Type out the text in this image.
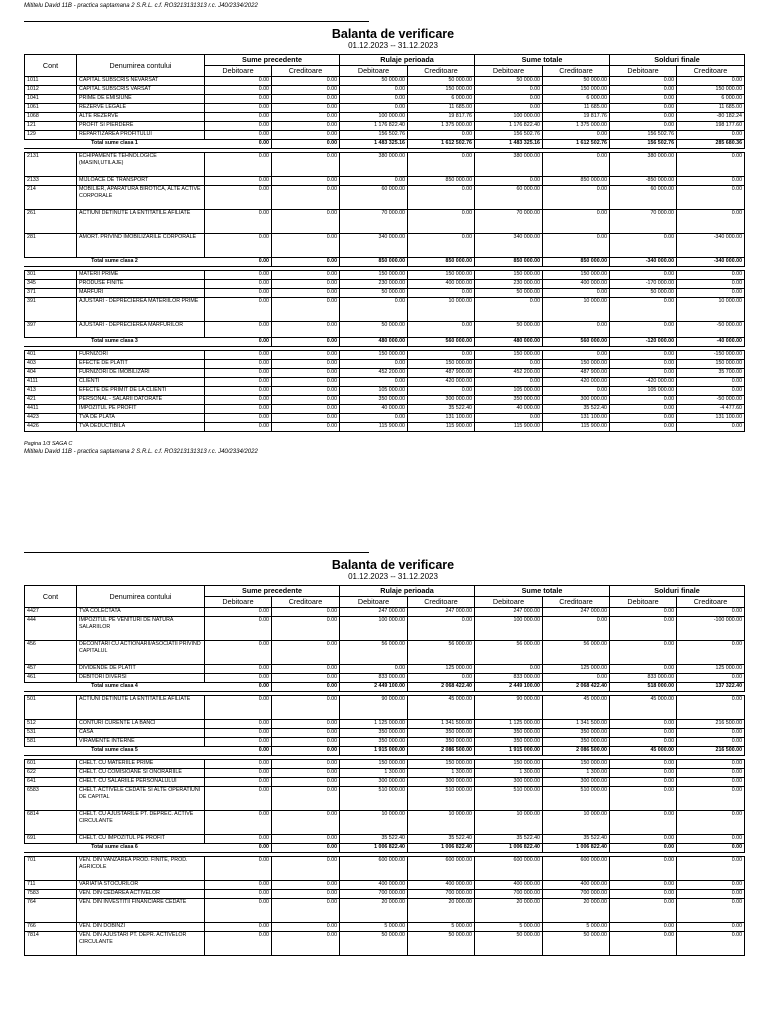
Mititelu David 11B - practica saptamana 2 S.R.L. c.f. RO3213131313 r.c. J40/2334/2022
Balanta de verificare
01.12.2023 -- 31.12.2023
Cont	Denumirea contului	Sume precedente		Rulaje perioada		Sume totale		Solduri finale	
		Debitoare	Creditoare	Debitoare	Creditoare	Debitoare	Creditoare	Debitoare	Creditoare
1011	CAPITAL SUBSCRIS NEVARSAT	0.00	0.00	50 000.00	50 000.00	50 000.00	50 000.00	0.00	0.00
1012	CAPITAL SUBSCRIS VARSAT	0.00	0.00	0.00	150 000.00	0.00	150 000.00	0.00	150 000.00
1041	PRIME DE EMISIUNE	0.00	0.00	0.00	6 000.00	0.00	6 000.00	0.00	6 000.00
1061	REZERVE LEGALE	0.00	0.00	0.00	11 685.00	0.00	11 685.00	0.00	11 685.00
1068	ALTE REZERVE	0.00	0.00	100 000.00	19 817.76	100 000.00	19 817.76	0.00	-80 182.24
121	PROFIT SI PIERDERE	0.00	0.00	1 176 822.40	1 375 000.00	1 176 822.40	1 375 000.00	0.00	198 177.60
129	REPARTIZAREA PROFITULUI	0.00	0.00	156 502.76	0.00	156 502.76	0.00	156 502.76	0.00
Total sume clasa 1		0.00	0.00	1 483 325.16	1 612 502.76	1 483 325.16	1 612 502.76	156 502.76	285 680.36

2131	ECHIPAMENTE TEHNOLOGICE (MASINI,UTILAJE)	0.00	0.00	380 000.00	0.00	380 000.00	0.00	380 000.00	0.00
2133	MIJLOACE DE TRANSPORT	0.00	0.00	0.00	850 000.00	0.00	850 000.00	-850 000.00	0.00
214	MOBILIER, APARATURA BIROTICA, ALTE ACTIVE CORPORALE	0.00	0.00	60 000.00	0.00	60 000.00	0.00	60 000.00	0.00
261	ACTIUNI DETINUTE LA ENTITATILE AFILIATE	0.00	0.00	70 000.00	0.00	70 000.00	0.00	70 000.00	0.00
281	AMORT. PRIVIND IMOBILIZARILE CORPORALE	0.00	0.00	340 000.00	0.00	340 000.00	0.00	0.00	-340 000.00
Total sume clasa 2		0.00	0.00	850 000.00	850 000.00	850 000.00	850 000.00	-340 000.00	-340 000.00

301	MATERII PRIME	0.00	0.00	150 000.00	150 000.00	150 000.00	150 000.00	0.00	0.00
345	PRODUSE FINITE	0.00	0.00	230 000.00	400 000.00	230 000.00	400 000.00	-170 000.00	0.00
371	MARFURI	0.00	0.00	50 000.00	0.00	50 000.00	0.00	50 000.00	0.00
391	AJUSTARI - DEPRECIEREA MATERIILOR PRIME	0.00	0.00	0.00	10 000.00	0.00	10 000.00	0.00	10 000.00
397	AJUSTARI - DEPRECIEREA MARFURILOR	0.00	0.00	50 000.00	0.00	50 000.00	0.00	0.00	-50 000.00
Total sume clasa 3		0.00	0.00	480 000.00	560 000.00	480 000.00	560 000.00	-120 000.00	-40 000.00

401	FURNIZORI	0.00	0.00	150 000.00	0.00	150 000.00	0.00	0.00	-150 000.00
403	EFECTE DE PLATIT	0.00	0.00	0.00	150 000.00	0.00	150 000.00	0.00	150 000.00
404	FURNIZORI DE IMOBILIZARI	0.00	0.00	452 200.00	487 900.00	452 200.00	487 900.00	0.00	35 700.00
4111	CLIENTI	0.00	0.00	0.00	420 000.00	0.00	420 000.00	-420 000.00	0.00
413	EFECTE DE PRIMIT DE LA CLIENTI	0.00	0.00	105 000.00	0.00	105 000.00	0.00	105 000.00	0.00
421	PERSONAL - SALARII DATORATE	0.00	0.00	350 000.00	300 000.00	350 000.00	300 000.00	0.00	-50 000.00
4411	IMPOZITUL PE PROFIT	0.00	0.00	40 000.00	35 522.40	40 000.00	35 522.40	0.00	-4 477.60
4423	TVA DE PLATA	0.00	0.00	0.00	131 100.00	0.00	131 100.00	0.00	131 100.00
4426	TVA DEDUCTIBILA	0.00	0.00	115 900.00	115 900.00	115 900.00	115 900.00	0.00	0.00
Pagina 1/3 SAGA C
Mititelu David 11B - practica saptamana 2 S.R.L. c.f. RO3213131313 r.c. J40/2334/2022
Balanta de verificare
01.12.2023 -- 31.12.2023
Cont	Denumirea contului	Sume precedente		Rulaje perioada		Sume totale		Solduri finale	
		Debitoare	Creditoare	Debitoare	Creditoare	Debitoare	Creditoare	Debitoare	Creditoare
4427	TVA COLECTATA	0.00	0.00	247 000.00	247 000.00	247 000.00	247 000.00	0.00	0.00
444	IMPOZITUL PE VENITURI DE NATURA SALARIILOR	0.00	0.00	100 000.00	0.00	100 000.00	0.00	0.00	-100 000.00
456	DECONTARI CU ACTIONARII/ASOCIATII PRIVIND CAPITALUL	0.00	0.00	56 000.00	56 000.00	56 000.00	56 000.00	0.00	0.00
457	DIVIDENDE DE PLATIT	0.00	0.00	0.00	125 000.00	0.00	125 000.00	0.00	125 000.00
461	DEBITORI DIVERSI	0.00	0.00	833 000.00	0.00	833 000.00	0.00	833 000.00	0.00
Total sume clasa 4		0.00	0.00	2 449 100.00	2 068 422.40	2 449 100.00	2 068 422.40	518 000.00	137 322.40

501	ACTIUNI DETINUTE LA ENTITATILE AFILIATE	0.00	0.00	90 000.00	45 000.00	90 000.00	45 000.00	45 000.00	0.00
512	CONTURI CURENTE LA BANCI	0.00	0.00	1 125 000.00	1 341 500.00	1 125 000.00	1 341 500.00	0.00	216 500.00
531	CASA	0.00	0.00	350 000.00	350 000.00	350 000.00	350 000.00	0.00	0.00
581	VIRAMENTE INTERNE	0.00	0.00	350 000.00	350 000.00	350 000.00	350 000.00	0.00	0.00
Total sume clasa 5		0.00	0.00	1 915 000.00	2 086 500.00	1 915 000.00	2 086 500.00	45 000.00	216 500.00

601	CHELT. CU MATERIILE PRIME	0.00	0.00	150 000.00	150 000.00	150 000.00	150 000.00	0.00	0.00
622	CHELT. CU COMISIOANE SI ONORARIILE	0.00	0.00	1 300.00	1 300.00	1 300.00	1 300.00	0.00	0.00
641	CHELT. CU SALARIILE PERSONALULUI	0.00	0.00	300 000.00	300 000.00	300 000.00	300 000.00	0.00	0.00
6583	CHELT. ACTIVELE CEDATE SI ALTE OPERATIUNI DE CAPITAL	0.00	0.00	510 000.00	510 000.00	510 000.00	510 000.00	0.00	0.00
6814	CHELT. CU AJUSTARILE PT. DEPREC. ACTIVE CIRCULANTE	0.00	0.00	10 000.00	10 000.00	10 000.00	10 000.00	0.00	0.00
691	CHELT. CU IMPOZITUL PE PROFIT	0.00	0.00	35 522.40	35 522.40	35 522.40	35 522.40	0.00	0.00
Total sume clasa 6		0.00	0.00	1 006 822.40	1 006 822.40	1 006 822.40	1 006 822.40	0.00	0.00

701	VEN. DIN VANZAREA PROD. FINITE, PROD. AGRICOLE	0.00	0.00	600 000.00	600 000.00	600 000.00	600 000.00	0.00	0.00
711	VARIATIA STOCURILOR	0.00	0.00	400 000.00	400 000.00	400 000.00	400 000.00	0.00	0.00
7583	VEN. DIN CEDAREA ACTIVELOR	0.00	0.00	700 000.00	700 000.00	700 000.00	700 000.00	0.00	0.00
764	VEN. DIN INVESTITII FINANCIARE CEDATE	0.00	0.00	20 000.00	20 000.00	20 000.00	20 000.00	0.00	0.00
766	VEN. DIN DOBINZI	0.00	0.00	5 000.00	5 000.00	5 000.00	5 000.00	0.00	0.00
7814	VEN. DIN AJUSTARI PT. DEPR. ACTIVELOR CIRCULANTE	0.00	0.00	50 000.00	50 000.00	50 000.00	50 000.00	0.00	0.00
